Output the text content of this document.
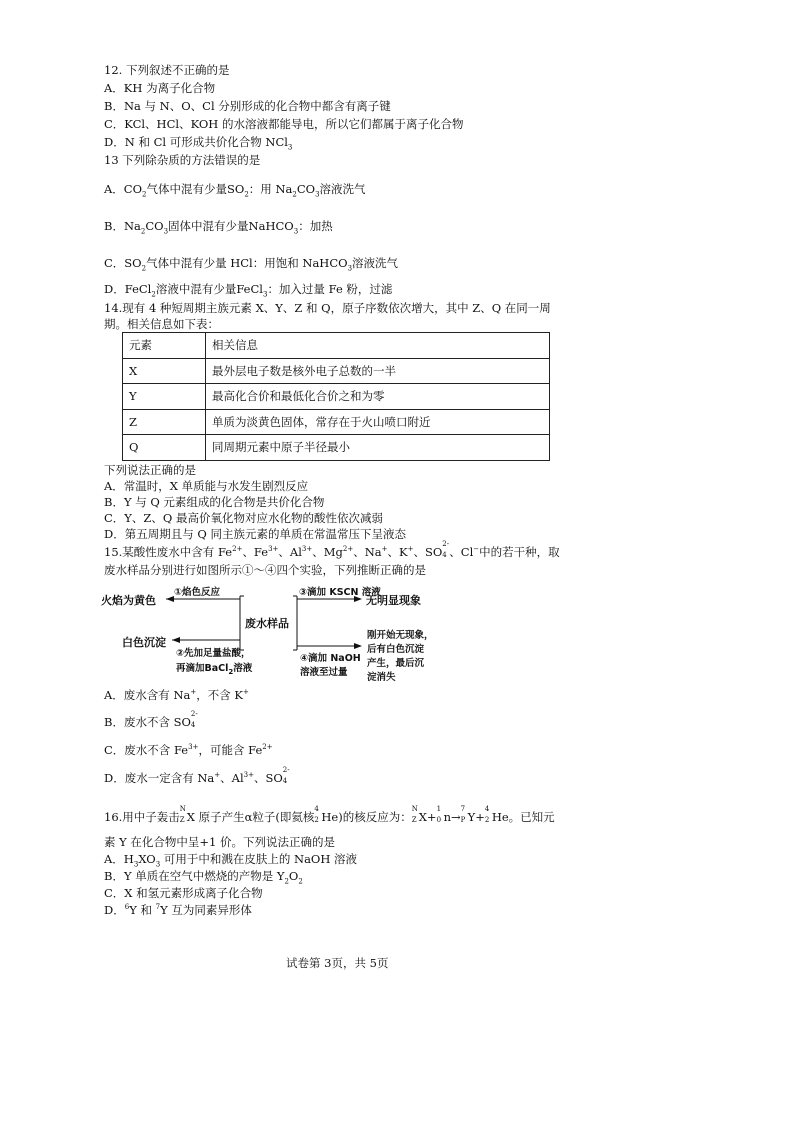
12. 下列叙述不正确的是
A．KH 为离子化合物
B．Na 与 N、O、Cl 分别形成的化合物中都含有离子键
C．KCl、HCl、KOH 的水溶液都能导电，所以它们都属于离子化合物
D．N 和 Cl 可形成共价化合物 NCl$_3$
13 下列除杂质的方法错误的是
A．$CO_2$气体中混有少量$SO_2$：用 $Na_2CO_3$溶液洗气
B．$Na_2CO_3$固体中混有少量NaHCO$_3$：加热
C．$SO_2$气体中混有少量 HCl：用饱和 NaHCO$_3$溶液洗气
D．FeCl$_2$溶液中混有少量FeCl$_3$：加入过量 Fe 粉，过滤
14.现有 4 种短周期主族元素 X、Y、Z 和 Q，原子序数依次增大，其中 Z、Q 在同一周
期。相关信息如下表：
元素	相关信息
X	最外层电子数是核外电子总数的一半
Y	最高化合价和最低化合价之和为零
Z	单质为淡黄色固体，常存在于火山喷口附近
Q	同周期元素中原子半径最小
下列说法正确的是
A．常温时，X 单质能与水发生剧烈反应
B．Y 与 Q 元素组成的化合物是共价化合物
C．Y、Z、Q 最高价氧化物对应水化物的酸性依次减弱
D．第五周期且与 Q 同主族元素的单质在常温常压下呈液态
15.某酸性废水中含有 $Fe^{2+}$、$Fe^{3+}$、$Al^{3+}$、$Mg^{2+}$、Na+、K+、SO
2-
4 、Cl−中的若干种，取
废水样品分别进行如图所示①～④四个实验，下列推断正确的是
火焰为黄色
①焰色反应
废水样品
白色沉淀
②先加足量盐酸，
再滴加BaCl$_2$溶液
③滴加 KSCN 溶液
无明显现象
④滴加 NaOH
溶液至过量
刚开始无现象，
后有白色沉淀
产生，最后沉
淀消失
A．废水含有 Na+，不含 K+
B．废水不含 SO
2-
4
C．废水不含 $Fe^{3+}$，可能含 $Fe^{2+}$
D．废水一定含有 Na+、$Al^{3+}$、SO
2-
4
16.用中子轰击
N
Z X 原子产生α粒子(即氦核
4
2 He)的核反应为：
N
Z X+
1
0 n→
7
P Y+
4
2 He。已知元
素 Y 在化合物中呈+1 价。下列说法正确的是
A．$H_3XO_3$ 可用于中和溅在皮肤上的 NaOH 溶液
B．Y 单质在空气中燃烧的产物是 $Y_2O_2$
C．X 和氢元素形成离子化合物
D．$^6$Y 和 $^7$Y 互为同素异形体
试卷第 3页，共 5页
